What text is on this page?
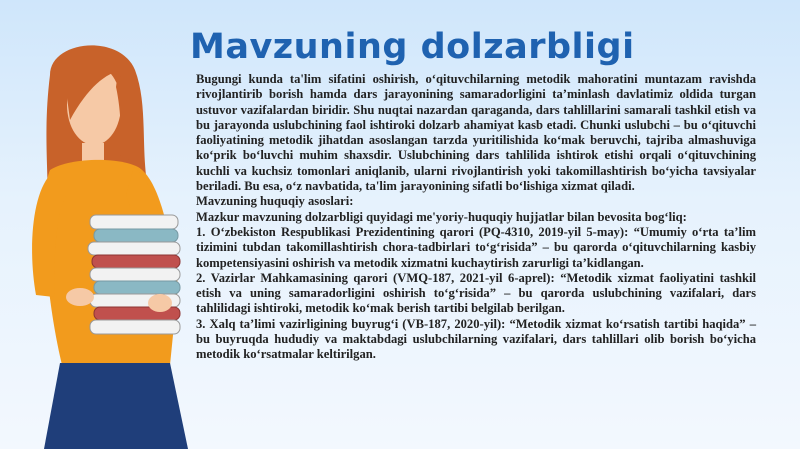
Mavzuning dolzarbligi

Bugungi kunda ta'lim sifatini oshirish, o‘qituvchilarning metodik mahoratini muntazam ravishda rivojlantirib borish hamda dars jarayonining samaradorligini ta’minlash davlatimiz oldida turgan ustuvor vazifalardan biridir. Shu nuqtai nazardan qaraganda, dars tahlillarini samarali tashkil etish va bu jarayonda uslubchining faol ishtiroki dolzarb ahamiyat kasb etadi. Chunki uslubchi – bu o‘qituvchi faoliyatining metodik jihatdan asoslangan tarzda yuritilishida ko‘mak beruvchi, tajriba almashuviga ko‘prik bo‘luvchi muhim shaxsdir. Uslubchining dars tahlilida ishtirok etishi orqali o‘qituvchining kuchli va kuchsiz tomonlari aniqlanib, ularni rivojlantirish yoki takomillashtirish bo‘yicha tavsiyalar beriladi. Bu esa, o‘z navbatida, ta'lim jarayonining sifatli bo‘lishiga xizmat qiladi.

Mavzuning huquqiy asoslari:

Mazkur mavzuning dolzarbligi quyidagi me'yoriy-huquqiy hujjatlar bilan bevosita bog‘liq:

1. O‘zbekiston Respublikasi Prezidentining qarori (PQ-4310, 2019-yil 5-may): “Umumiy o‘rta ta’lim tizimini tubdan takomillashtirish chora-tadbirlari to‘g‘risida” – bu qarorda o‘qituvchilarning kasbiy kompetensiyasini oshirish va metodik xizmatni kuchaytirish zarurligi ta’kidlangan.

2. Vazirlar Mahkamasining qarori (VMQ-187, 2021-yil 6-aprel): “Metodik xizmat faoliyatini tashkil etish va uning samaradorligini oshirish to‘g‘risida” – bu qarorda uslubchining vazifalari, dars tahlilidagi ishtiroki, metodik ko‘mak berish tartibi belgilab berilgan.

3. Xalq ta’limi vazirligining buyrug‘i (VB-187, 2020-yil): “Metodik xizmat ko‘rsatish tartibi haqida” – bu buyruqda hududiy va maktabdagi uslubchilarning vazifalari, dars tahlillari olib borish bo‘yicha metodik ko‘rsatmalar keltirilgan.
